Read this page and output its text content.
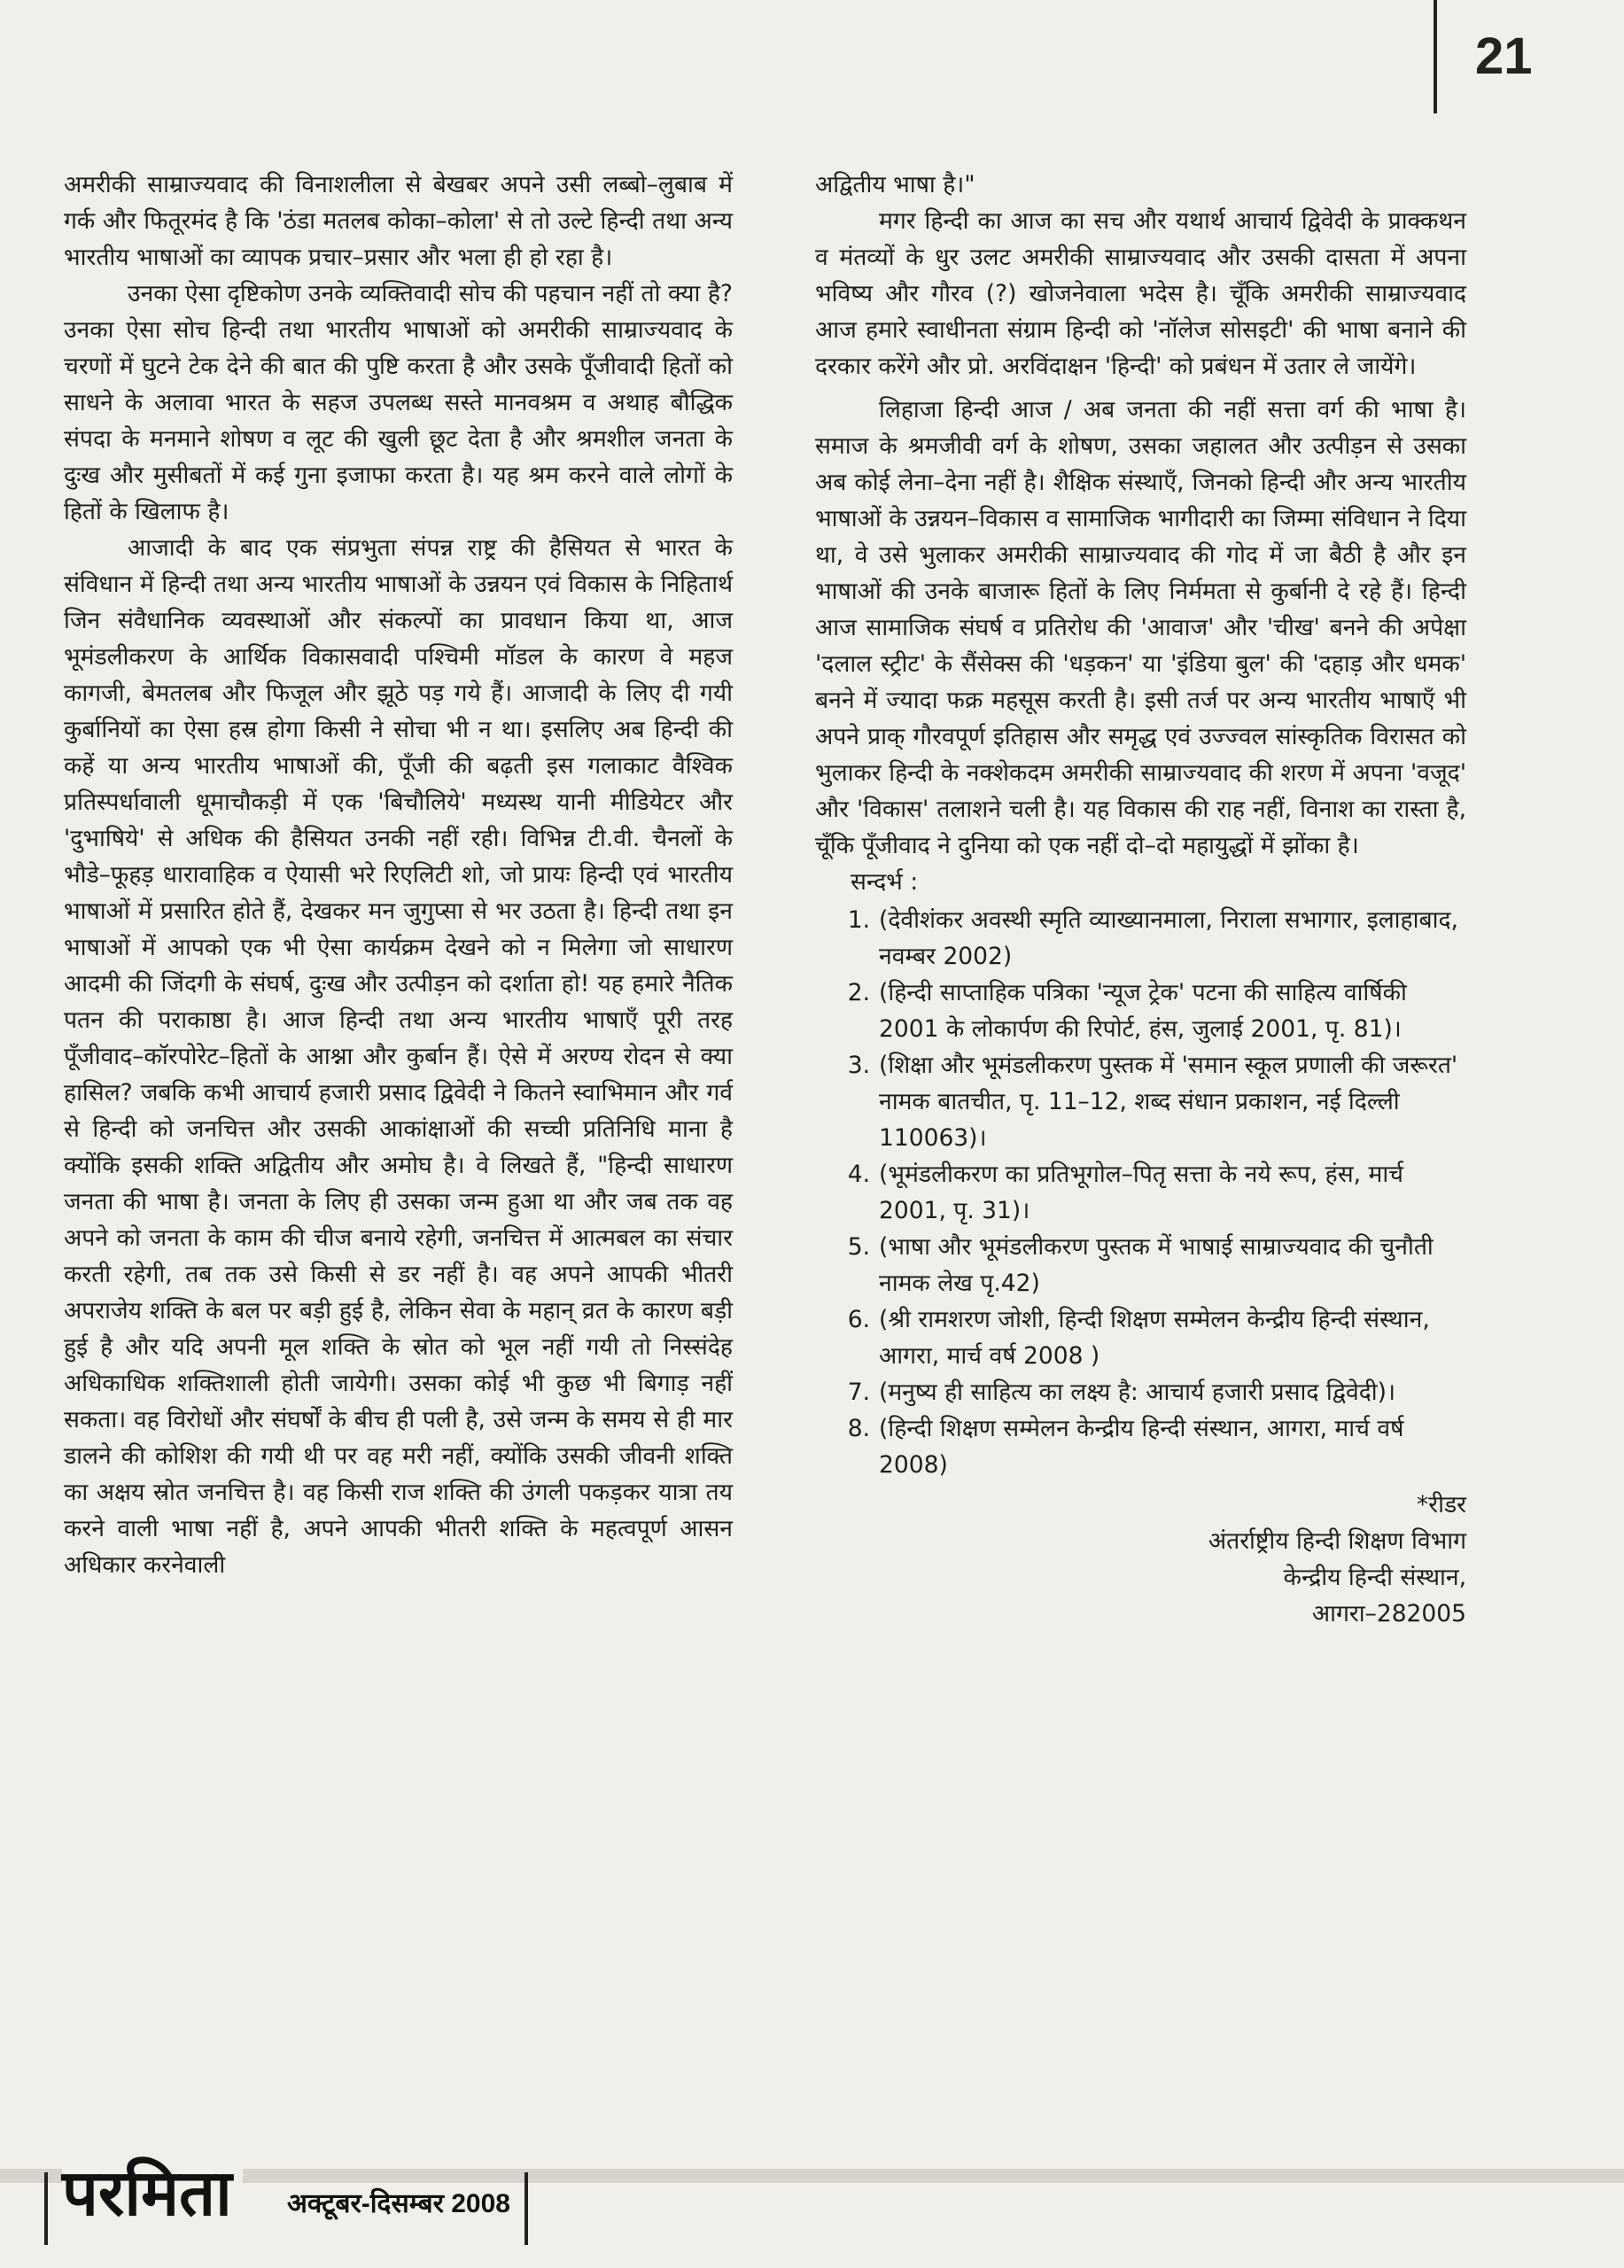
21

अमरीकी साम्राज्यवाद की विनाशलीला से बेखबर अपने उसी लब्बो–लुबाब में गर्क और फितूरमंद है कि 'ठंडा मतलब कोका–कोला' से तो उल्टे हिन्दी तथा अन्य भारतीय भाषाओं का व्यापक प्रचार–प्रसार और भला ही हो रहा है।

उनका ऐसा दृष्टिकोण उनके व्यक्तिवादी सोच की पहचान नहीं तो क्या है? उनका ऐसा सोच हिन्दी तथा भारतीय भाषाओं को अमरीकी साम्राज्यवाद के चरणों में घुटने टेक देने की बात की पुष्टि करता है और उसके पूँजीवादी हितों को साधने के अलावा भारत के सहज उपलब्ध सस्ते मानवश्रम व अथाह बौद्धिक संपदा के मनमाने शोषण व लूट की खुली छूट देता है और श्रमशील जनता के दुःख और मुसीबतों में कई गुना इजाफा करता है। यह श्रम करने वाले लोगों के हितों के खिलाफ है।

आजादी के बाद एक संप्रभुता संपन्न राष्ट्र की हैसियत से भारत के संविधान में हिन्दी तथा अन्य भारतीय भाषाओं के उन्नयन एवं विकास के निहितार्थ जिन संवैधानिक व्यवस्थाओं और संकल्पों का प्रावधान किया था, आज भूमंडलीकरण के आर्थिक विकासवादी पश्चिमी मॉडल के कारण वे महज कागजी, बेमतलब और फिजूल और झूठे पड़ गये हैं। आजादी के लिए दी गयी कुर्बानियों का ऐसा हस्र होगा किसी ने सोचा भी न था। इसलिए अब हिन्दी की कहें या अन्य भारतीय भाषाओं की, पूँजी की बढ़ती इस गलाकाट वैश्विक प्रतिस्पर्धावाली धूमाचौकड़ी में एक 'बिचौलिये' मध्यस्थ यानी मीडियेटर और 'दुभाषिये' से अधिक की हैसियत उनकी नहीं रही। विभिन्न टी.वी. चैनलों के भौडे–फूहड़ धारावाहिक व ऐयासी भरे रिएलिटी शो, जो प्रायः हिन्दी एवं भारतीय भाषाओं में प्रसारित होते हैं, देखकर मन जुगुप्सा से भर उठता है। हिन्दी तथा इन भाषाओं में आपको एक भी ऐसा कार्यक्रम देखने को न मिलेगा जो साधारण आदमी की जिंदगी के संघर्ष, दुःख और उत्पीड़न को दर्शाता हो! यह हमारे नैतिक पतन की पराकाष्ठा है। आज हिन्दी तथा अन्य भारतीय भाषाएँ पूरी तरह पूँजीवाद–कॉरपोरेट–हितों के आश्ना और कुर्बान हैं। ऐसे में अरण्य रोदन से क्या हासिल? जबकि कभी आचार्य हजारी प्रसाद द्विवेदी ने कितने स्वाभिमान और गर्व से हिन्दी को जनचित्त और उसकी आकांक्षाओं की सच्ची प्रतिनिधि माना है क्योंकि इसकी शक्ति अद्वितीय और अमोघ है। वे लिखते हैं, "हिन्दी साधारण जनता की भाषा है। जनता के लिए ही उसका जन्म हुआ था और जब तक वह अपने को जनता के काम की चीज बनाये रहेगी, जनचित्त में आत्मबल का संचार करती रहेगी, तब तक उसे किसी से डर नहीं है। वह अपने आपकी भीतरी अपराजेय शक्ति के बल पर बड़ी हुई है, लेकिन सेवा के महान् व्रत के कारण बड़ी हुई है और यदि अपनी मूल शक्ति के स्रोत को भूल नहीं गयी तो निस्संदेह अधिकाधिक शक्तिशाली होती जायेगी। उसका कोई भी कुछ भी बिगाड़ नहीं सकता। वह विरोधों और संघर्षों के बीच ही पली है, उसे जन्म के समय से ही मार डालने की कोशिश की गयी थी पर वह मरी नहीं, क्योंकि उसकी जीवनी शक्ति का अक्षय स्रोत जनचित्त है। वह किसी राज शक्ति की उंगली पकड़कर यात्रा तय करने वाली भाषा नहीं है, अपने आपकी भीतरी शक्ति के महत्वपूर्ण आसन अधिकार करनेवाली

अद्वितीय भाषा है।"

मगर हिन्दी का आज का सच और यथार्थ आचार्य द्विवेदी के प्राक्कथन व मंतव्यों के धुर उलट अमरीकी साम्राज्यवाद और उसकी दासता में अपना भविष्य और गौरव (?) खोजनेवाला भदेस है। चूँकि अमरीकी साम्राज्यवाद आज हमारे स्वाधीनता संग्राम हिन्दी को 'नॉलेज सोसइटी' की भाषा बनाने की दरकार करेंगे और प्रो. अरविंदाक्षन 'हिन्दी' को प्रबंधन में उतार ले जायेंगे।

लिहाजा हिन्दी आज / अब जनता की नहीं सत्ता वर्ग की भाषा है। समाज के श्रमजीवी वर्ग के शोषण, उसका जहालत और उत्पीड़न से उसका अब कोई लेना–देना नहीं है। शैक्षिक संस्थाएँ, जिनको हिन्दी और अन्य भारतीय भाषाओं के उन्नयन–विकास व सामाजिक भागीदारी का जिम्मा संविधान ने दिया था, वे उसे भुलाकर अमरीकी साम्राज्यवाद की गोद में जा बैठी है और इन भाषाओं की उनके बाजारू हितों के लिए निर्ममता से कुर्बानी दे रहे हैं। हिन्दी आज सामाजिक संघर्ष व प्रतिरोध की 'आवाज' और 'चीख' बनने की अपेक्षा 'दलाल स्ट्रीट' के सैंसेक्स की 'धड़कन' या 'इंडिया बुल' की 'दहाड़ और धमक' बनने में ज्यादा फक्र महसूस करती है। इसी तर्ज पर अन्य भारतीय भाषाएँ भी अपने प्राक् गौरवपूर्ण इतिहास और समृद्ध एवं उज्ज्वल सांस्कृतिक विरासत को भुलाकर हिन्दी के नक्शेकदम अमरीकी साम्राज्यवाद की शरण में अपना 'वजूद' और 'विकास' तलाशने चली है। यह विकास की राह नहीं, विनाश का रास्ता है, चूँकि पूँजीवाद ने दुनिया को एक नहीं दो–दो महायुद्धों में झोंका है।

सन्दर्भ :

1. (देवीशंकर अवस्थी स्मृति व्याख्यानमाला, निराला सभागार, इलाहाबाद, नवम्बर 2002)
2. (हिन्दी साप्ताहिक पत्रिका 'न्यूज ट्रेक' पटना की साहित्य वार्षिकी 2001 के लोकार्पण की रिपोर्ट, हंस, जुलाई 2001, पृ. 81)।
3. (शिक्षा और भूमंडलीकरण पुस्तक में 'समान स्कूल प्रणाली की जरूरत' नामक बातचीत, पृ. 11–12, शब्द संधान प्रकाशन, नई दिल्ली 110063)।
4. (भूमंडलीकरण का प्रतिभूगोल–पितृ सत्ता के नये रूप, हंस, मार्च 2001, पृ. 31)।
5. (भाषा और भूमंडलीकरण पुस्तक में भाषाई साम्राज्यवाद की चुनौती नामक लेख पृ.42)
6. (श्री रामशरण जोशी, हिन्दी शिक्षण सम्मेलन केन्द्रीय हिन्दी संस्थान, आगरा, मार्च वर्ष 2008 )
7. (मनुष्य ही साहित्य का लक्ष्य है: आचार्य हजारी प्रसाद द्विवेदी)।
8. (हिन्दी शिक्षण सम्मेलन केन्द्रीय हिन्दी संस्थान, आगरा, मार्च वर्ष 2008)
*रीडर
अंतर्राष्ट्रीय हिन्दी शिक्षण विभाग
केन्द्रीय हिन्दी संस्थान,
आगरा–282005
परमिता	अक्टूबर-दिसम्बर 2008
